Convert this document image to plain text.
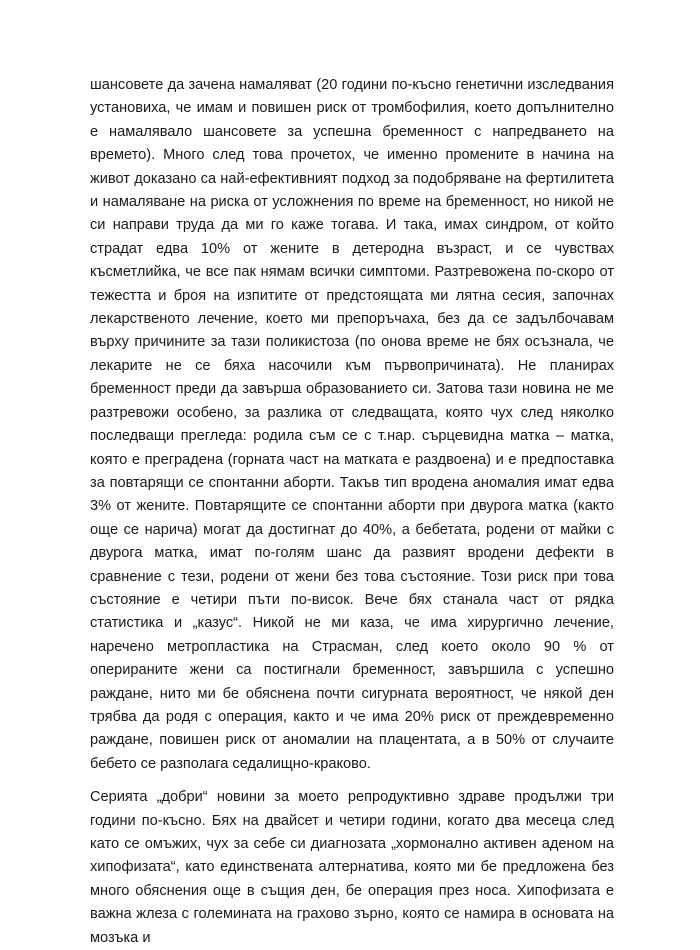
шансовете да зачена намаляват (20 години по-късно генетични изследвания установиха, че имам и повишен риск от тромбофилия, което допълнително е намалявало шансовете за успешна бременност с напредването на времето). Много след това прочетох, че именно промените в начина на живот доказано са най-ефективният подход за подобряване на фертилитета и намаляване на риска от усложнения по време на бременност, но никой не си направи труда да ми го каже тогава. И така, имах синдром, от който страдат едва 10% от жените в детеродна възраст, и се чувствах късметлийка, че все пак нямам всички симптоми. Разтревожена по-скоро от тежестта и броя на изпитите от предстоящата ми лятна сесия, започнах лекарственото лечение, което ми препоръчаха, без да се задълбочавам върху причините за тази поликистоза (по онова време не бях осъзнала, че лекарите не се бяха насочили към първопричината). Не планирах бременност преди да завърша образованието си. Затова тази новина не ме разтревожи особено, за разлика от следващата, която чух след няколко последващи прегледа: родила съм се с т.нар. сърцевидна матка – матка, която е преградена (горната част на матката е раздвоена) и е предпоставка за повтарящи се спонтанни аборти. Такъв тип вродена аномалия имат едва 3% от жените. Повтарящите се спонтанни аборти при двурога матка (както още се нарича) могат да достигнат до 40%, а бебетата, родени от майки с двурога матка, имат по-голям шанс да развият вродени дефекти в сравнение с тези, родени от жени без това състояние. Този риск при това състояние е четири пъти по-висок. Вече бях станала част от рядка статистика и „казус“. Никой не ми каза, че има хирургично лечение, наречено метропластика на Страсман, след което около 90 % от оперираните жени са постигнали бременност, завършила с успешно раждане, нито ми бе обяснена почти сигурната вероятност, че някой ден трябва да родя с операция, както и че има 20% риск от преждевременно раждане, повишен риск от аномалии на плацентата, а в 50% от случаите бебето се разполага седалищно-краково.

Серията „добри“ новини за моето репродуктивно здраве продължи три години по-късно. Бях на двайсет и четири години, когато два месеца след като се омъжих, чух за себе си диагнозата „хормонално активен аденом на хипофизата“, като единствената алтернатива, която ми бе предложена без много обяснения още в същия ден, бе операция през носа. Хипофизата е важна жлеза с големината на грахово зърно, която се намира в основата на мозъка и
